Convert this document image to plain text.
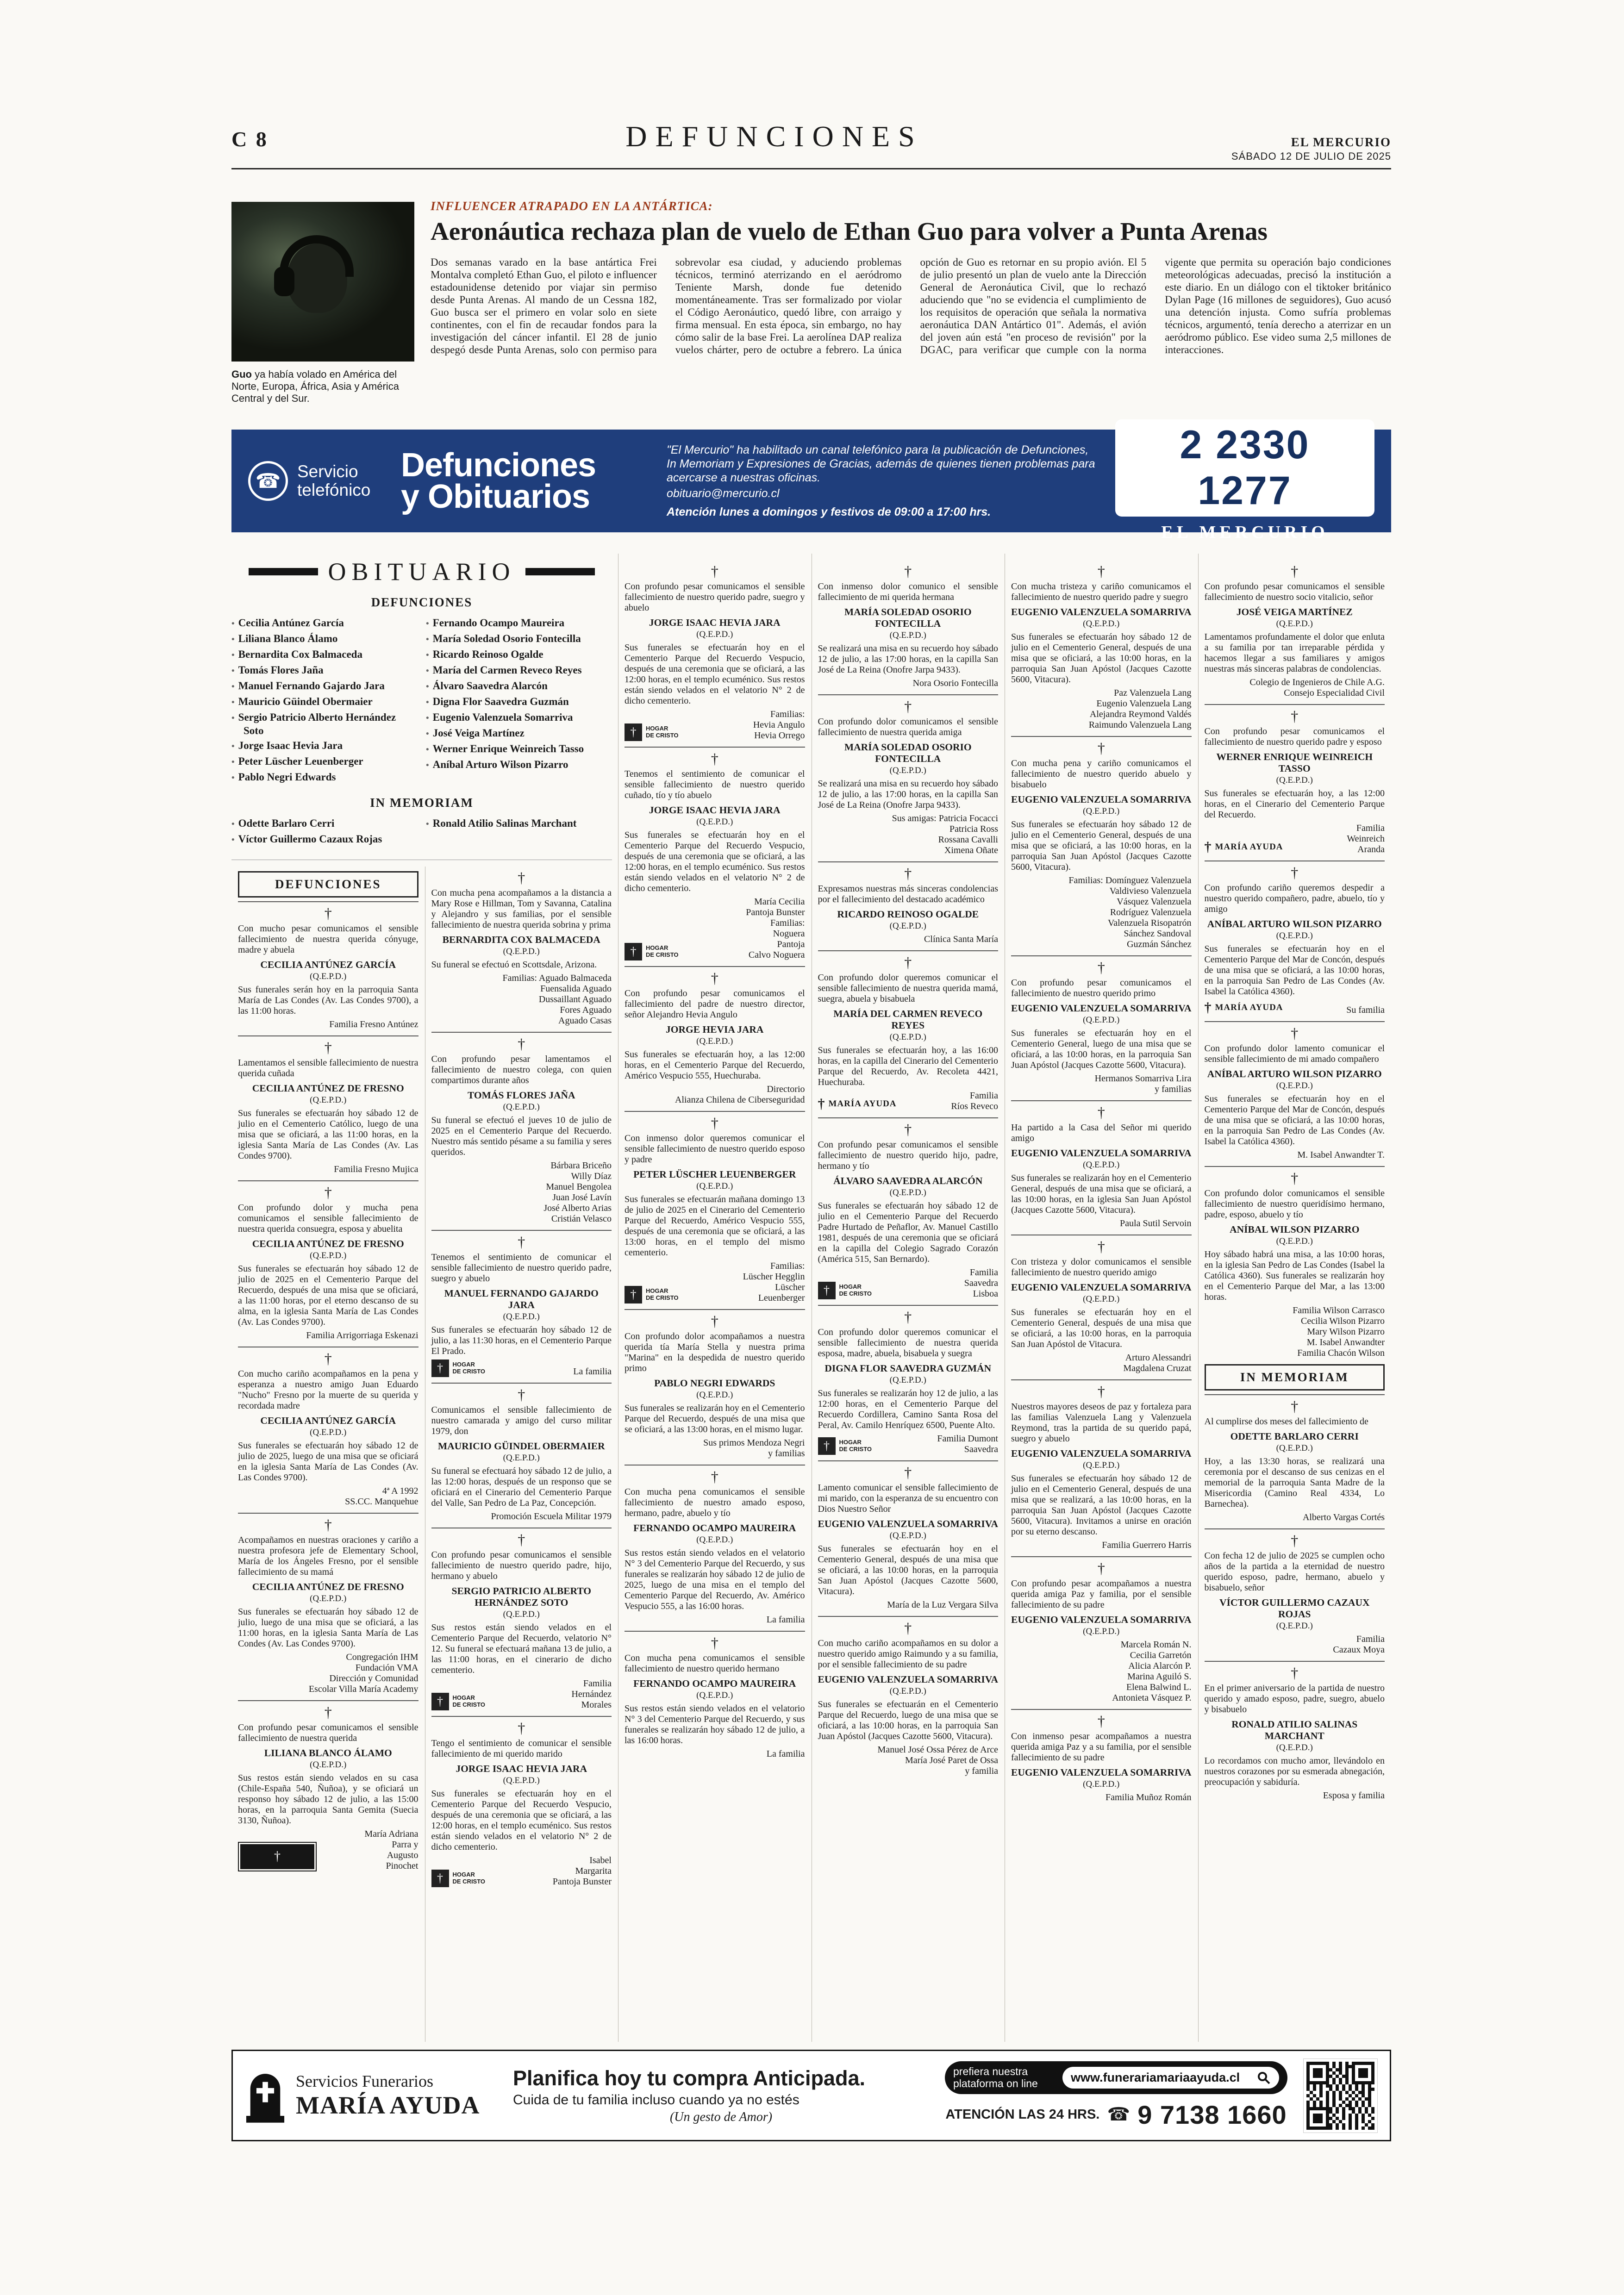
C 8	DEFUNCIONES	EL MERCURIO
SÁBADO 12 DE JULIO DE 2025
Guo ya había volado en América del Norte, Europa, África, Asia y América Central y del Sur.
INFLUENCER ATRAPADO EN LA ANTÁRTICA:
Aeronáutica rechaza plan de vuelo de Ethan Guo para volver a Punta Arenas
Dos semanas varado en la base antártica Frei Montalva completó Ethan Guo, el piloto e influencer estadounidense detenido por viajar sin permiso desde Punta Arenas. Al mando de un Cessna 182, Guo busca ser el primero en volar solo en siete continentes, con el fin de recaudar fondos para la investigación del cáncer infantil. El 28 de junio despegó desde Punta Arenas, solo con permiso para sobrevolar esa ciudad, y aduciendo problemas técnicos, terminó aterrizando en el aeródromo Teniente Marsh, donde fue detenido momentáneamente. Tras ser formalizado por violar el Código Aeronáutico, quedó libre, con arraigo y firma mensual. En esta época, sin embargo, no hay cómo salir de la base Frei. La aerolínea DAP realiza vuelos chárter, pero de octubre a febrero. La única opción de Guo es retornar en su propio avión. El 5 de julio presentó un plan de vuelo ante la Dirección General de Aeronáutica Civil, que lo rechazó aduciendo que "no se evidencia el cumplimiento de los requisitos de operación que señala la normativa aeronáutica DAN Antártico 01". Además, el avión del joven aún está "en proceso de revisión" por la DGAC, para verificar que cumple con la norma vigente que permita su operación bajo condiciones meteorológicas adecuadas, precisó la institución a este diario. En un diálogo con el tiktoker británico Dylan Page (16 millones de seguidores), Guo acusó una detención injusta. Como sufría problemas técnicos, argumentó, tenía derecho a aterrizar en un aeródromo público. Ese video suma 2,5 millones de interacciones.
☎ Servicio
telefónico
Defunciones
y Obituarios
"El Mercurio" ha habilitado un canal telefónico para la publicación de Defunciones, In Memoriam y Expresiones de Gracias, además de quienes tienen problemas para acercarse a nuestras oficinas.
obituario@mercurio.cl
Atención lunes a domingos y festivos de 09:00 a 17:00 hrs.
2 2330 1277
EL MERCURIO
OBITUARIO
DEFUNCIONES
• Cecilia Antúnez García
• Liliana Blanco Álamo
• Bernardita Cox Balmaceda
• Tomás Flores Jaña
• Manuel Fernando Gajardo Jara
• Mauricio Güindel Obermaier
• Sergio Patricio Alberto Hernández Soto
• Jorge Isaac Hevia Jara
• Peter Lüscher Leuenberger
• Pablo Negri Edwards
• Fernando Ocampo Maureira
• María Soledad Osorio Fontecilla
• Ricardo Reinoso Ogalde
• María del Carmen Reveco Reyes
• Álvaro Saavedra Alarcón
• Digna Flor Saavedra Guzmán
• Eugenio Valenzuela Somarriva
• José Veiga Martínez
• Werner Enrique Weinreich Tasso
• Aníbal Arturo Wilson Pizarro
IN MEMORIAM
• Odette Barlaro Cerri
• Víctor Guillermo Cazaux Rojas
• Ronald Atilio Salinas Marchant
DEFUNCIONES
†

Con mucho pesar comunicamos el sensible fallecimiento de nuestra querida cónyuge, madre y abuela

CECILIA ANTÚNEZ GARCÍA
(Q.E.P.D.)

Sus funerales serán hoy en la parroquia Santa María de Las Condes (Av. Las Condes 9700), a las 11:00 horas.

Familia Fresno Antúnez
†

Lamentamos el sensible fallecimiento de nuestra querida cuñada

CECILIA ANTÚNEZ DE FRESNO
(Q.E.P.D.)

Sus funerales se efectuarán hoy sábado 12 de julio en el Cementerio Católico, luego de una misa que se oficiará, a las 11:00 horas, en la iglesia Santa María de Las Condes (Av. Las Condes 9700).

Familia Fresno Mujica
†

Con profundo dolor y mucha pena comunicamos el sensible fallecimiento de nuestra querida consuegra, esposa y abuelita

CECILIA ANTÚNEZ DE FRESNO
(Q.E.P.D.)

Sus funerales se efectuarán hoy sábado 12 de julio de 2025 en el Cementerio Parque del Recuerdo, después de una misa que se oficiará, a las 11:00 horas, por el eterno descanso de su alma, en la iglesia Santa María de Las Condes (Av. Las Condes 9700).

Familia Arrigorriaga Eskenazi
†

Con mucho cariño acompañamos en la pena y esperanza a nuestro amigo Juan Eduardo "Nucho" Fresno por la muerte de su querida y recordada madre

CECILIA ANTÚNEZ GARCÍA
(Q.E.P.D.)

Sus funerales se efectuarán hoy sábado 12 de julio de 2025, luego de una misa que se oficiará en la iglesia Santa María de Las Condes (Av. Las Condes 9700).

4ª A 1992
SS.CC. Manquehue
†

Acompañamos en nuestras oraciones y cariño a nuestra profesora jefe de Elementary School, María de los Ángeles Fresno, por el sensible fallecimiento de su mamá

CECILIA ANTÚNEZ DE FRESNO
(Q.E.P.D.)

Sus funerales se efectuarán hoy sábado 12 de julio, luego de una misa que se oficiará, a las 11:00 horas, en la iglesia Santa María de Las Condes (Av. Las Condes 9700).

Congregación IHM
Fundación VMA
Dirección y Comunidad
Escolar Villa María Academy
†

Con profundo pesar comunicamos el sensible fallecimiento de nuestra querida

LILIANA BLANCO ÁLAMO
(Q.E.P.D.)

Sus restos están siendo velados en su casa (Chile-España 540, Ñuñoa), y se oficiará un responso hoy sábado 12 de julio, a las 15:00 horas, en la parroquia Santa Gemita (Suecia 3130, Ñuñoa).

†
María Adriana
Parra y
Augusto
Pinochet
†

Con mucha pena acompañamos a la distancia a Mary Rose e Hillman, Tom y Savanna, Catalina y Alejandro y sus familias, por el sensible fallecimiento de nuestra querida sobrina y prima

BERNARDITA COX BALMACEDA
(Q.E.P.D.)

Su funeral se efectuó en Scottsdale, Arizona.

Familias: Aguado Balmaceda
Fuensalida Aguado
Dussaillant Aguado
Fores Aguado
Aguado Casas
†

Con profundo pesar lamentamos el fallecimiento de nuestro colega, con quien compartimos durante años

TOMÁS FLORES JAÑA
(Q.E.P.D.)

Su funeral se efectuó el jueves 10 de julio de 2025 en el Cementerio Parque del Recuerdo. Nuestro más sentido pésame a su familia y seres queridos.

Bárbara Briceño
Willy Díaz
Manuel Bengolea
Juan José Lavín
José Alberto Arias
Cristián Velasco
†

Tenemos el sentimiento de comunicar el sensible fallecimiento de nuestro querido padre, suegro y abuelo

MANUEL FERNANDO GAJARDO JARA
(Q.E.P.D.)

Sus funerales se efectuarán hoy sábado 12 de julio, a las 11:30 horas, en el Cementerio Parque El Prado.

†	HOGAR
DE CRISTO	La familia
†

Comunicamos el sensible fallecimiento de nuestro camarada y amigo del curso militar 1979, don

MAURICIO GÜINDEL OBERMAIER
(Q.E.P.D.)

Su funeral se efectuará hoy sábado 12 de julio, a las 12:00 horas, después de un responso que se oficiará en el Cinerario del Cementerio Parque del Valle, San Pedro de La Paz, Concepción.

Promoción Escuela Militar 1979
†

Con profundo pesar comunicamos el sensible fallecimiento de nuestro querido padre, hijo, hermano y abuelo

SERGIO PATRICIO ALBERTO HERNÁNDEZ SOTO
(Q.E.P.D.)

Sus restos están siendo velados en el Cementerio Parque del Recuerdo, velatorio N° 12. Su funeral se efectuará mañana 13 de julio, a las 11:00 horas, en el cinerario de dicho cementerio.

†	HOGAR
DE CRISTO
Familia
Hernández
Morales
†

Tengo el sentimiento de comunicar el sensible fallecimiento de mi querido marido

JORGE ISAAC HEVIA JARA
(Q.E.P.D.)

Sus funerales se efectuarán hoy en el Cementerio Parque del Recuerdo Vespucio, después de una ceremonia que se oficiará, a las 12:00 horas, en el templo ecuménico. Sus restos están siendo velados en el velatorio N° 2 de dicho cementerio.

†	HOGAR
DE CRISTO
Isabel
Margarita
Pantoja Bunster
†

Con profundo pesar comunicamos el sensible fallecimiento de nuestro querido padre, suegro y abuelo

JORGE ISAAC HEVIA JARA
(Q.E.P.D.)

Sus funerales se efectuarán hoy en el Cementerio Parque del Recuerdo Vespucio, después de una ceremonia que se oficiará, a las 12:00 horas, en el templo ecuménico. Sus restos están siendo velados en el velatorio N° 2 de dicho cementerio.

†	HOGAR
DE CRISTO
Familias:
Hevia Angulo
Hevia Orrego
†

Tenemos el sentimiento de comunicar el sensible fallecimiento de nuestro querido cuñado, tío y tío abuelo

JORGE ISAAC HEVIA JARA
(Q.E.P.D.)

Sus funerales se efectuarán hoy en el Cementerio Parque del Recuerdo Vespucio, después de una ceremonia que se oficiará, a las 12:00 horas, en el templo ecuménico. Sus restos están siendo velados en el velatorio N° 2 de dicho cementerio.

†	HOGAR
DE CRISTO
María Cecilia
Pantoja Bunster
Familias:
Noguera
Pantoja
Calvo Noguera
†

Con profundo pesar comunicamos el fallecimiento del padre de nuestro director, señor Alejandro Hevia Angulo

JORGE HEVIA JARA
(Q.E.P.D.)

Sus funerales se efectuarán hoy, a las 12:00 horas, en el Cementerio Parque del Recuerdo, Américo Vespucio 555, Huechuraba.

Directorio
Alianza Chilena de Ciberseguridad
†

Con inmenso dolor queremos comunicar el sensible fallecimiento de nuestro querido esposo y padre

PETER LÜSCHER LEUENBERGER
(Q.E.P.D.)

Sus funerales se efectuarán mañana domingo 13 de julio de 2025 en el Cinerario del Cementerio Parque del Recuerdo, Américo Vespucio 555, después de una ceremonia que se oficiará, a las 13:00 horas, en el templo del mismo cementerio.

†	HOGAR
DE CRISTO
Familias:
Lüscher Hegglin
Lüscher
Leuenberger
†

Con profundo dolor acompañamos a nuestra querida tía María Stella y nuestra prima "Marina" en la despedida de nuestro querido primo

PABLO NEGRI EDWARDS
(Q.E.P.D.)

Sus funerales se realizarán hoy en el Cementerio Parque del Recuerdo, después de una misa que se oficiará, a las 13:00 horas, en el mismo lugar.

Sus primos Mendoza Negri
y familias
†

Con mucha pena comunicamos el sensible fallecimiento de nuestro amado esposo, hermano, padre, abuelo y tío

FERNANDO OCAMPO MAUREIRA
(Q.E.P.D.)

Sus restos están siendo velados en el velatorio N° 3 del Cementerio Parque del Recuerdo, y sus funerales se realizarán hoy sábado 12 de julio de 2025, luego de una misa en el templo del Cementerio Parque del Recuerdo, Av. Américo Vespucio 555, a las 16:00 horas.

La familia
†

Con mucha pena comunicamos el sensible fallecimiento de nuestro querido hermano

FERNANDO OCAMPO MAUREIRA
(Q.E.P.D.)

Sus restos están siendo velados en el velatorio N° 3 del Cementerio Parque del Recuerdo, y sus funerales se realizarán hoy sábado 12 de julio, a las 16:00 horas.

La familia
†

Con inmenso dolor comunico el sensible fallecimiento de mi querida hermana

MARÍA SOLEDAD OSORIO FONTECILLA
(Q.E.P.D.)

Se realizará una misa en su recuerdo hoy sábado 12 de julio, a las 17:00 horas, en la capilla San José de La Reina (Onofre Jarpa 9433).

Nora Osorio Fontecilla
†

Con profundo dolor comunicamos el sensible fallecimiento de nuestra querida amiga

MARÍA SOLEDAD OSORIO FONTECILLA
(Q.E.P.D.)

Se realizará una misa en su recuerdo hoy sábado 12 de julio, a las 17:00 horas, en la capilla San José de La Reina (Onofre Jarpa 9433).

Sus amigas: Patricia Focacci
Patricia Ross
Rossana Cavalli
Ximena Oñate
†

Expresamos nuestras más sinceras condolencias por el fallecimiento del destacado académico

RICARDO REINOSO OGALDE
(Q.E.P.D.)
Clínica Santa María
†

Con profundo dolor queremos comunicar el sensible fallecimiento de nuestra querida mamá, suegra, abuela y bisabuela

MARÍA DEL CARMEN REVECO REYES
(Q.E.P.D.)

Sus funerales se efectuarán hoy, a las 16:00 horas, en la capilla del Cinerario del Cementerio Parque del Recuerdo, Av. Recoleta 4421, Huechuraba.

† MARÍA AYUDA
Familia
Ríos Reveco
†

Con profundo pesar comunicamos el sensible fallecimiento de nuestro querido hijo, padre, hermano y tío

ÁLVARO SAAVEDRA ALARCÓN
(Q.E.P.D.)

Sus funerales se efectuarán hoy sábado 12 de julio en el Cementerio Parque del Recuerdo Padre Hurtado de Peñaflor, Av. Manuel Castillo 1981, después de una ceremonia que se oficiará en la capilla del Colegio Sagrado Corazón (América 515, San Bernardo).

†	HOGAR
DE CRISTO
Familia
Saavedra
Lisboa
†

Con profundo dolor queremos comunicar el sensible fallecimiento de nuestra querida esposa, madre, abuela, bisabuela y suegra

DIGNA FLOR SAAVEDRA GUZMÁN
(Q.E.P.D.)

Sus funerales se realizarán hoy 12 de julio, a las 12:00 horas, en el Cementerio Parque del Recuerdo Cordillera, Camino Santa Rosa del Peral, Av. Camilo Henríquez 6500, Puente Alto.

†	HOGAR
DE CRISTO
Familia Dumont
Saavedra
†

Lamento comunicar el sensible fallecimiento de mi marido, con la esperanza de su encuentro con Dios Nuestro Señor

EUGENIO VALENZUELA SOMARRIVA
(Q.E.P.D.)

Sus funerales se efectuarán hoy en el Cementerio General, después de una misa que se oficiará, a las 10:00 horas, en la parroquia San Juan Apóstol (Jacques Cazotte 5600, Vitacura).

María de la Luz Vergara Silva
†

Con mucho cariño acompañamos en su dolor a nuestro querido amigo Raimundo y a su familia, por el sensible fallecimiento de su padre

EUGENIO VALENZUELA SOMARRIVA
(Q.E.P.D.)

Sus funerales se efectuarán en el Cementerio Parque del Recuerdo, luego de una misa que se oficiará, a las 10:00 horas, en la parroquia San Juan Apóstol (Jacques Cazotte 5600, Vitacura).

Manuel José Ossa Pérez de Arce
María José Paret de Ossa
y familia
†

Con mucha tristeza y cariño comunicamos el fallecimiento de nuestro querido padre y suegro

EUGENIO VALENZUELA SOMARRIVA
(Q.E.P.D.)

Sus funerales se efectuarán hoy sábado 12 de julio en el Cementerio General, después de una misa que se oficiará, a las 10:00 horas, en la parroquia San Juan Apóstol (Jacques Cazotte 5600, Vitacura).

Paz Valenzuela Lang
Eugenio Valenzuela Lang
Alejandra Reymond Valdés
Raimundo Valenzuela Lang
†

Con mucha pena y cariño comunicamos el fallecimiento de nuestro querido abuelo y bisabuelo

EUGENIO VALENZUELA SOMARRIVA
(Q.E.P.D.)

Sus funerales se efectuarán hoy sábado 12 de julio en el Cementerio General, después de una misa que se oficiará, a las 10:00 horas, en la parroquia San Juan Apóstol (Jacques Cazotte 5600, Vitacura).

Familias: Domínguez Valenzuela
Valdivieso Valenzuela
Vásquez Valenzuela
Rodríguez Valenzuela
Valenzuela Risopatrón
Sánchez Sandoval
Guzmán Sánchez
†

Con profundo pesar comunicamos el fallecimiento de nuestro querido primo

EUGENIO VALENZUELA SOMARRIVA
(Q.E.P.D.)

Sus funerales se efectuarán hoy en el Cementerio General, luego de una misa que se oficiará, a las 10:00 horas, en la parroquia San Juan Apóstol (Jacques Cazotte 5600, Vitacura).

Hermanos Somarriva Lira
y familias
†

Ha partido a la Casa del Señor mi querido amigo

EUGENIO VALENZUELA SOMARRIVA
(Q.E.P.D.)

Sus funerales se realizarán hoy en el Cementerio General, después de una misa que se oficiará, a las 10:00 horas, en la iglesia San Juan Apóstol (Jacques Cazotte 5600, Vitacura).

Paula Sutil Servoin
†

Con tristeza y dolor comunicamos el sensible fallecimiento de nuestro querido amigo

EUGENIO VALENZUELA SOMARRIVA
(Q.E.P.D.)

Sus funerales se efectuarán hoy en el Cementerio General, después de una misa que se oficiará, a las 10:00 horas, en la parroquia San Juan Apóstol de Vitacura.

Arturo Alessandri
Magdalena Cruzat
†

Nuestros mayores deseos de paz y fortaleza para las familias Valenzuela Lang y Valenzuela Reymond, tras la partida de su querido papá, suegro y abuelo

EUGENIO VALENZUELA SOMARRIVA
(Q.E.P.D.)

Sus funerales se efectuarán hoy sábado 12 de julio en el Cementerio General, después de una misa que se realizará, a las 10:00 horas, en la parroquia San Juan Apóstol (Jacques Cazotte 5600, Vitacura). Invitamos a unirse en oración por su eterno descanso.

Familia Guerrero Harris
†

Con profundo pesar acompañamos a nuestra querida amiga Paz y familia, por el sensible fallecimiento de su padre

EUGENIO VALENZUELA SOMARRIVA
(Q.E.P.D.)
Marcela Román N.
Cecilia Garretón
Alicia Alarcón P.
Marina Aguiló S.
Elena Balwind L.
Antonieta Vásquez P.
†

Con inmenso pesar acompañamos a nuestra querida amiga Paz y a su familia, por el sensible fallecimiento de su padre

EUGENIO VALENZUELA SOMARRIVA
(Q.E.P.D.)
Familia Muñoz Román
†

Con profundo pesar comunicamos el sensible fallecimiento de nuestro socio vitalicio, señor

JOSÉ VEIGA MARTÍNEZ
(Q.E.P.D.)

Lamentamos profundamente el dolor que enluta a su familia por tan irreparable pérdida y hacemos llegar a sus familiares y amigos nuestras más sinceras palabras de condolencias.

Colegio de Ingenieros de Chile A.G.
Consejo Especialidad Civil
†

Con profundo pesar comunicamos el fallecimiento de nuestro querido padre y esposo

WERNER ENRIQUE WEINREICH TASSO
(Q.E.P.D.)

Sus funerales se efectuarán hoy, a las 12:00 horas, en el Cinerario del Cementerio Parque del Recuerdo.

† MARÍA AYUDA
Familia
Weinreich
Aranda
†

Con profundo cariño queremos despedir a nuestro querido compañero, padre, abuelo, tío y amigo

ANÍBAL ARTURO WILSON PIZARRO
(Q.E.P.D.)

Sus funerales se efectuarán hoy en el Cementerio Parque del Mar de Concón, después de una misa que se oficiará, a las 10:00 horas, en la parroquia San Pedro de Las Condes (Av. Isabel la Católica 4360).

† MARÍA AYUDA	Su familia
†

Con profundo dolor lamento comunicar el sensible fallecimiento de mi amado compañero

ANÍBAL ARTURO WILSON PIZARRO
(Q.E.P.D.)

Sus funerales se efectuarán hoy en el Cementerio Parque del Mar de Concón, después de una misa que se oficiará, a las 10:00 horas, en la parroquia San Pedro de Las Condes (Av. Isabel la Católica 4360).

M. Isabel Anwandter T.
†

Con profundo dolor comunicamos el sensible fallecimiento de nuestro queridísimo hermano, padre, esposo, abuelo y tío

ANÍBAL WILSON PIZARRO
(Q.E.P.D.)

Hoy sábado habrá una misa, a las 10:00 horas, en la iglesia San Pedro de Las Condes (Isabel la Católica 4360). Sus funerales se realizarán hoy en el Cementerio Parque del Mar, a las 13:00 horas.

Familia Wilson Carrasco
Cecilia Wilson Pizarro
Mary Wilson Pizarro
M. Isabel Anwandter
Familia Chacón Wilson
IN MEMORIAM
†

Al cumplirse dos meses del fallecimiento de

ODETTE BARLARO CERRI
(Q.E.P.D.)

Hoy, a las 13:30 horas, se realizará una ceremonia por el descanso de sus cenizas en el memorial de la parroquia Santa Madre de la Misericordia (Camino Real 4334, Lo Barnechea).

Alberto Vargas Cortés
†

Con fecha 12 de julio de 2025 se cumplen ocho años de la partida a la eternidad de nuestro querido esposo, padre, hermano, abuelo y bisabuelo, señor

VÍCTOR GUILLERMO CAZAUX ROJAS
(Q.E.P.D.)
Familia
Cazaux Moya
†

En el primer aniversario de la partida de nuestro querido y amado esposo, padre, suegro, abuelo y bisabuelo

RONALD ATILIO SALINAS MARCHANT
(Q.E.P.D.)

Lo recordamos con mucho amor, llevándolo en nuestros corazones por su esmerada abnegación, preocupación y sabiduría.

Esposa y familia
Servicios Funerarios
MARÍA AYUDA
Planifica hoy tu compra Anticipada.
Cuida de tu familia incluso cuando ya no estés
(Un gesto de Amor)
prefiera nuestra plataforma on line	www.funerariamariaayuda.cl
ATENCIÓN LAS 24 HRS. ☎ 9 7138 1660
